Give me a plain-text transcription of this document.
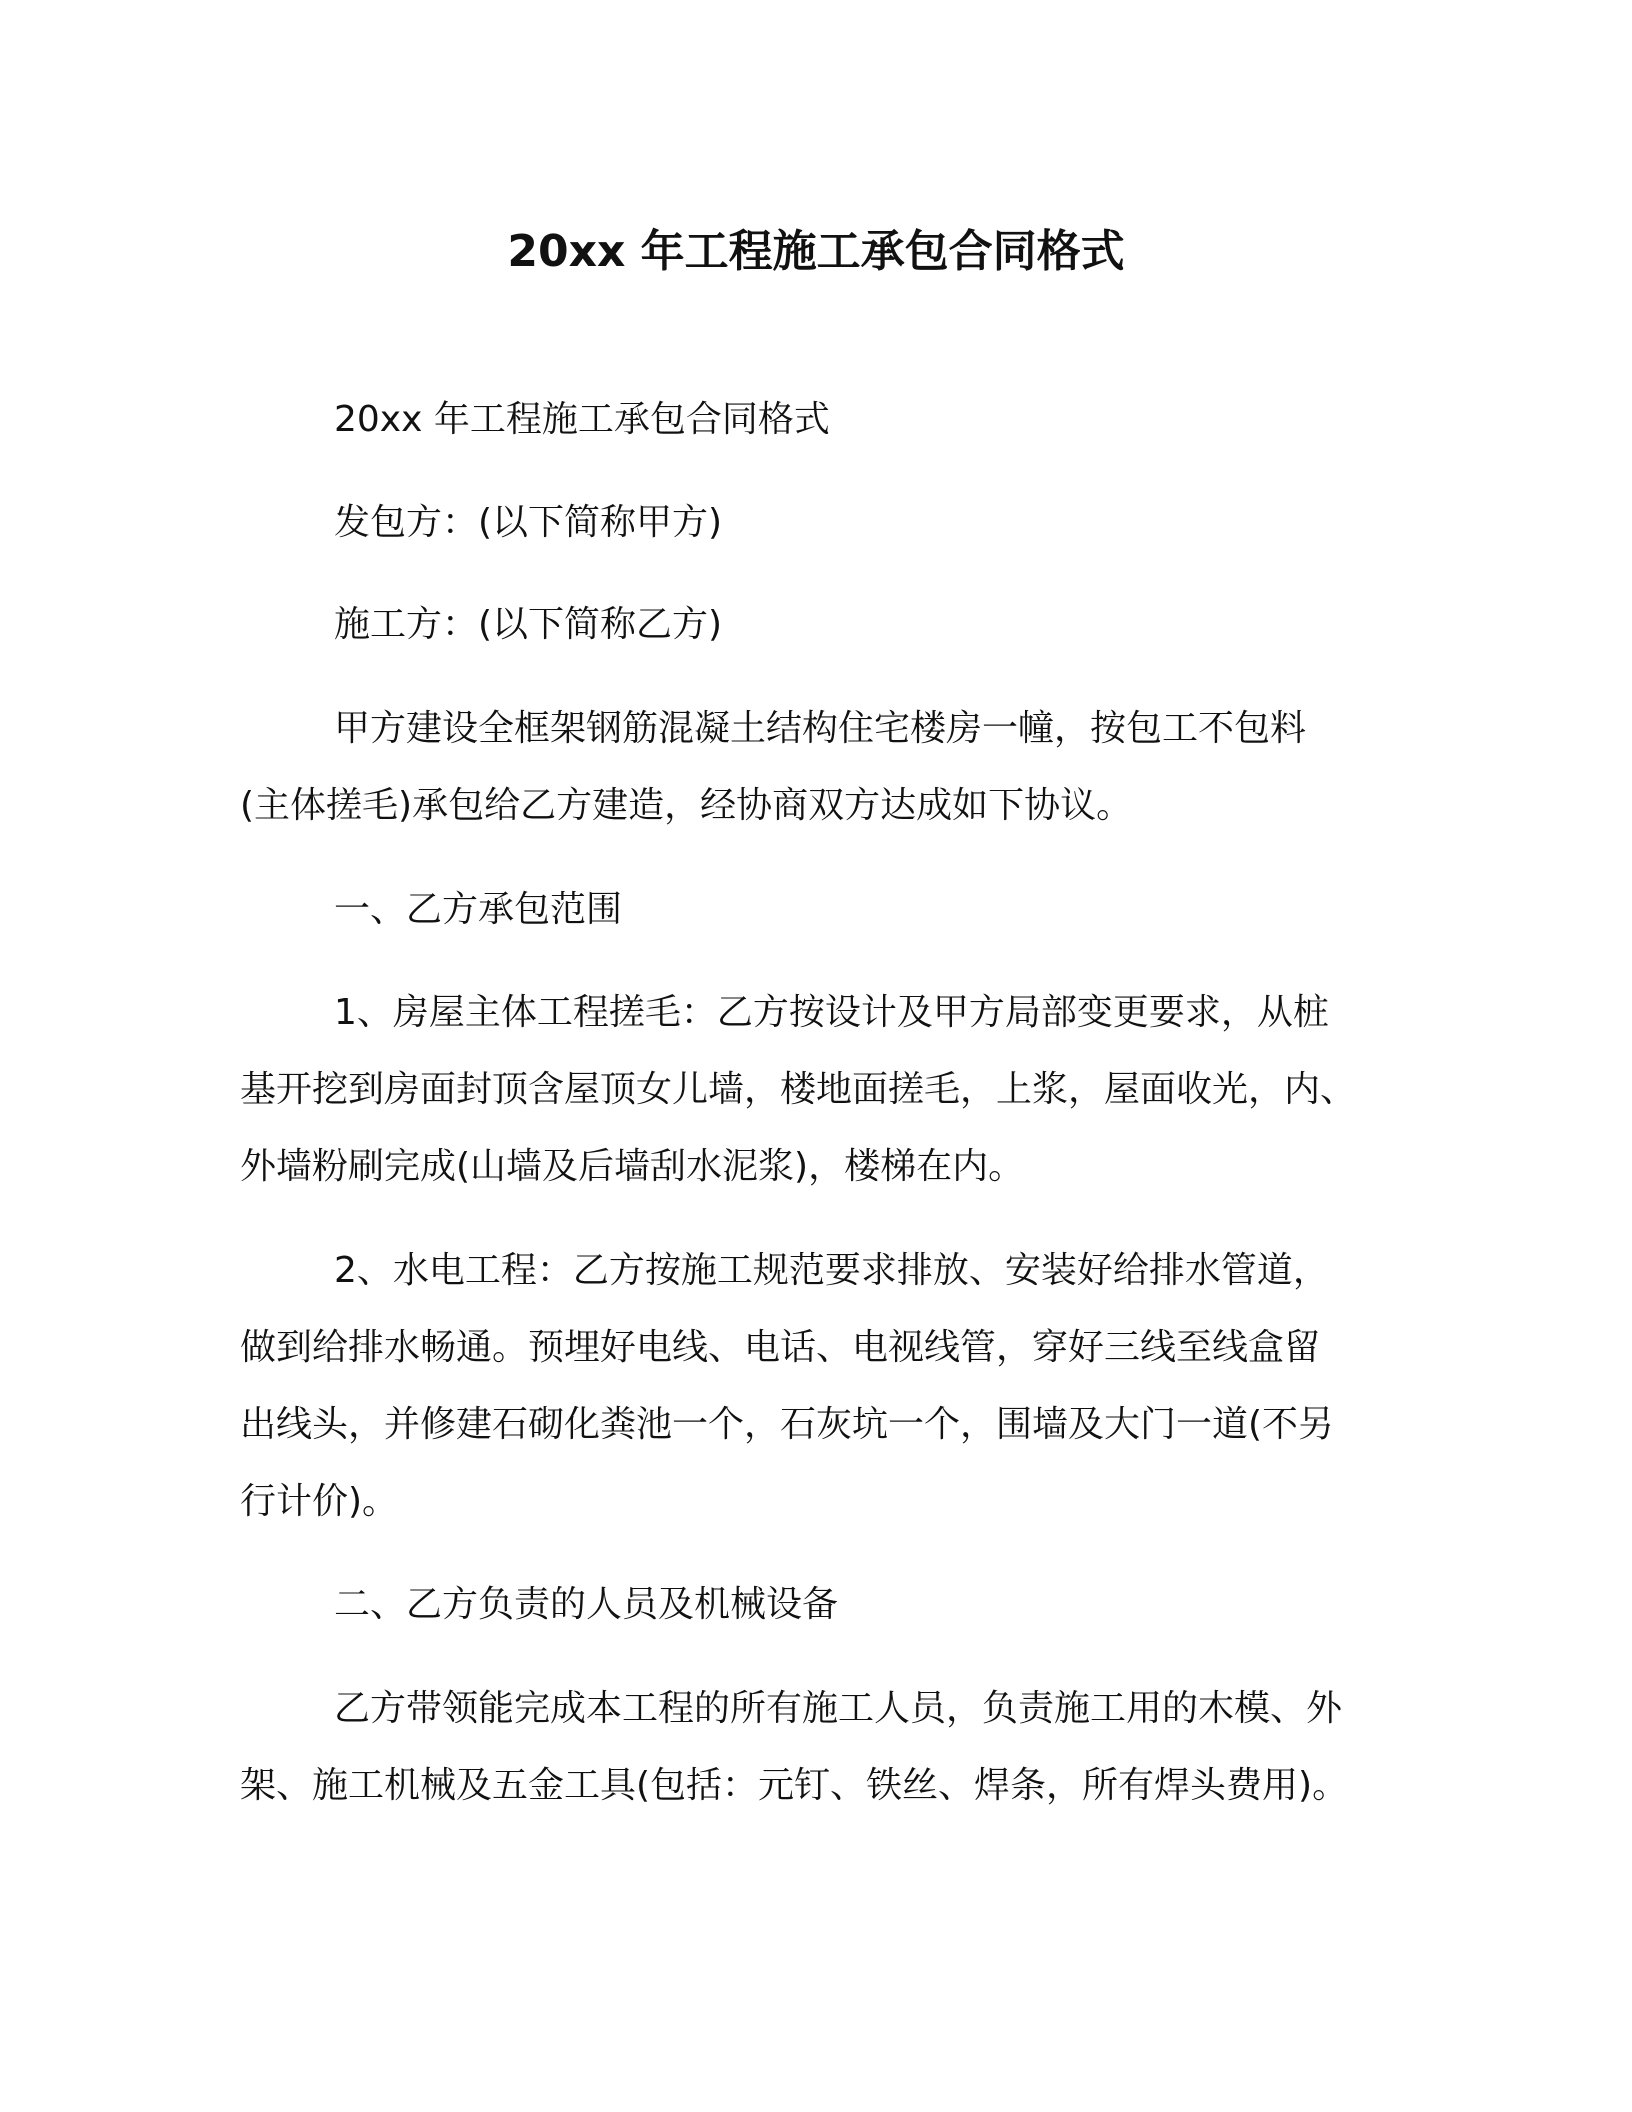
20xx 年工程施工承包合同格式
20xx 年工程施工承包合同格式
发包方：(以下简称甲方)
施工方：(以下简称乙方)
甲方建设全框架钢筋混凝土结构住宅楼房一幢，按包工不包料
(主体搓毛)承包给乙方建造，经协商双方达成如下协议。
一、乙方承包范围
1、房屋主体工程搓毛：乙方按设计及甲方局部变更要求，从桩
基开挖到房面封顶含屋顶女儿墙，楼地面搓毛，上浆，屋面收光，内、
外墙粉刷完成(山墙及后墙刮水泥浆)，楼梯在内。
2、水电工程：乙方按施工规范要求排放、安装好给排水管道，
做到给排水畅通。预埋好电线、电话、电视线管，穿好三线至线盒留
出线头，并修建石砌化粪池一个，石灰坑一个，围墙及大门一道(不另
行计价)。
二、乙方负责的人员及机械设备
乙方带领能完成本工程的所有施工人员，负责施工用的木模、外
架、施工机械及五金工具(包括：元钉、铁丝、焊条，所有焊头费用)。
